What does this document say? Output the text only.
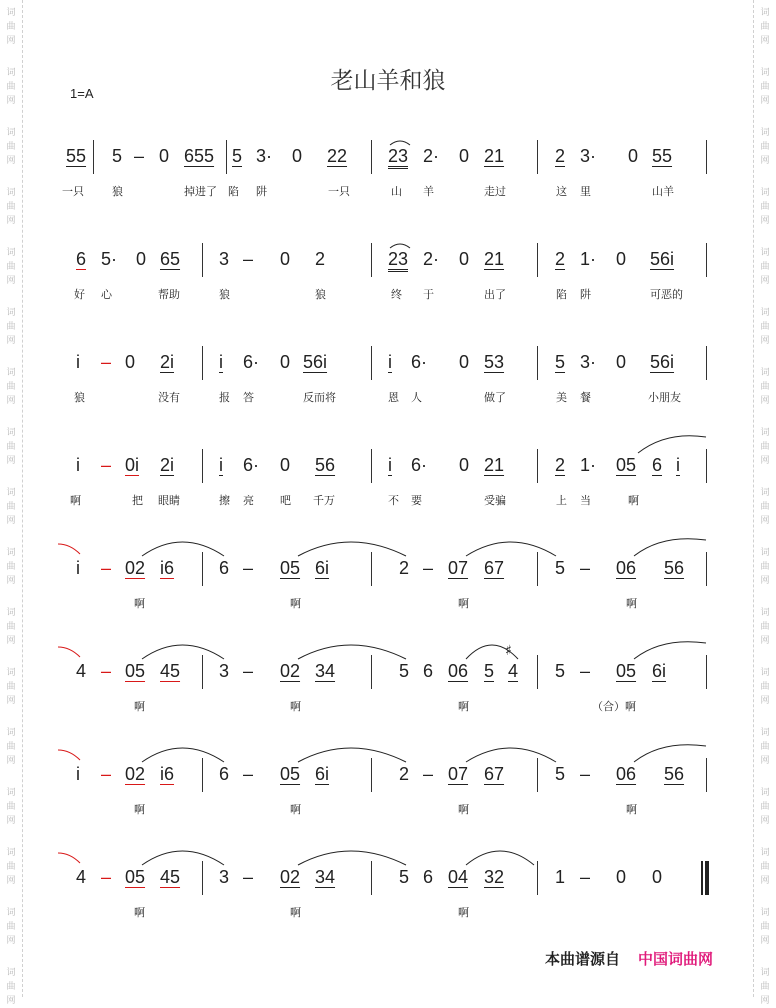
词
曲
网
词
曲
网
词
曲
网
词
曲
网
词
曲
网
词
曲
网
词
曲
网
词
曲
网
词
曲
网
词
曲
网
词
曲
网
词
曲
网
词
曲
网
词
曲
网
词
曲
网
词
曲
网
词
曲
网
词
曲
网
词
曲
网
词
曲
网
词
曲
网
词
曲
网
词
曲
网
词
曲
网
词
曲
网
词
曲
网
词
曲
网
词
曲
网
词
曲
网
词
曲
网
词
曲
网
词
曲
网
词
曲
网
词
曲
网
老山羊和狼
1=A
55 5 – 0 655 5 3· 0 22 23 2· 0 21	2 3· 0 55
一只	狼	掉进了 陷 阱	一只	山 羊	走过	这 里	山羊
6 5· 0 65 3 – 0 2	23 2· 0 21	2 1· 0 56i
好 心	帮助	狼	狼	终 于	出了	陷 阱	可恶的
i – 0 2i i 6· 0 56i	i 6· 0 53	5 3· 0 56i
狼	没有	报 答	反而将	恩 人	做了	美 餐	小朋友
i – 0i 2i i 6· 0 56	i 6· 0 21	2 1· 05 6 i
啊	把 眼睛	擦 亮 吧 千万	不 要	受骗	上 当	啊
i – 02 i6 6 – 05 6i	2 – 07 67	5 – 06 56
啊	啊	啊	啊
4 – 05 45 3 – 02 34	5 6 06 5 4
♯
5 – 05 6i
啊	啊	啊	（合）啊
i – 02 i6 6 – 05 6i	2 – 07 67	5 – 06 56
啊	啊	啊	啊
4 – 05 45 3 – 02 34	5 6 04 32	1 – 0 0
啊	啊	啊
本曲谱源自 中国词曲网
